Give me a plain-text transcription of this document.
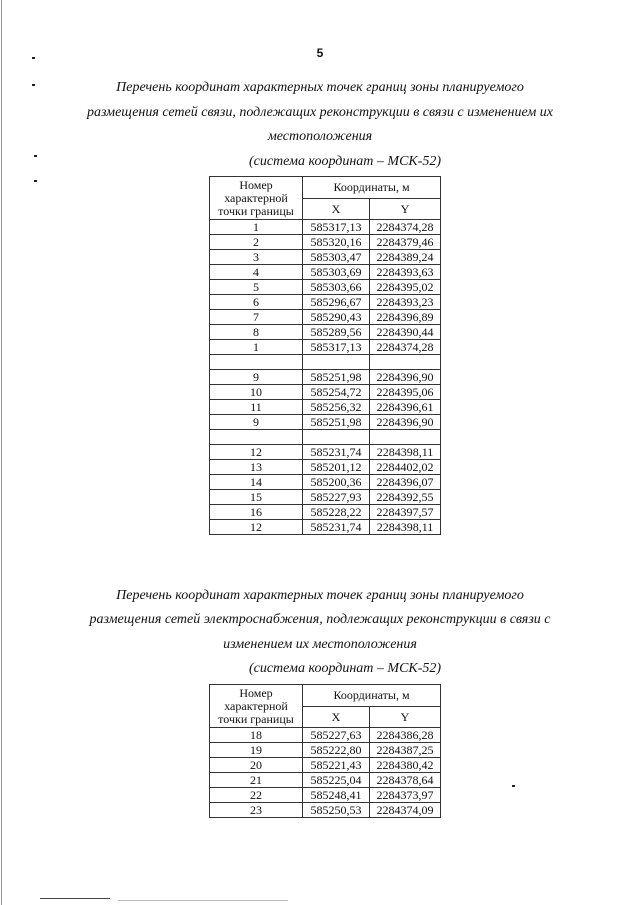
5
Перечень координат характерных точек границ зоны планируемого
размещения сетей связи, подлежащих реконструкции в связи с изменением их
местоположения
(система координат – МСК-52)
Номер
характерной
точки границы	Координаты, м	
	X	Y
1	585317,13	2284374,28
2	585320,16	2284379,46
3	585303,47	2284389,24
4	585303,69	2284393,63
5	585303,66	2284395,02
6	585296,67	2284393,23
7	585290,43	2284396,89
8	585289,56	2284390,44
1	585317,13	2284374,28

9	585251,98	2284396,90
10	585254,72	2284395,06
11	585256,32	2284396,61
9	585251,98	2284396,90

12	585231,74	2284398,11
13	585201,12	2284402,02
14	585200,36	2284396,07
15	585227,93	2284392,55
16	585228,22	2284397,57
12	585231,74	2284398,11
Перечень координат характерных точек границ зоны планируемого
размещения сетей электроснабжения, подлежащих реконструкции в связи с
изменением их местоположения
(система координат – МСК-52)
Номер
характерной
точки границы	Координаты, м	
	X	Y
18	585227,63	2284386,28
19	585222,80	2284387,25
20	585221,43	2284380,42
21	585225,04	2284378,64
22	585248,41	2284373,97
23	585250,53	2284374,09
